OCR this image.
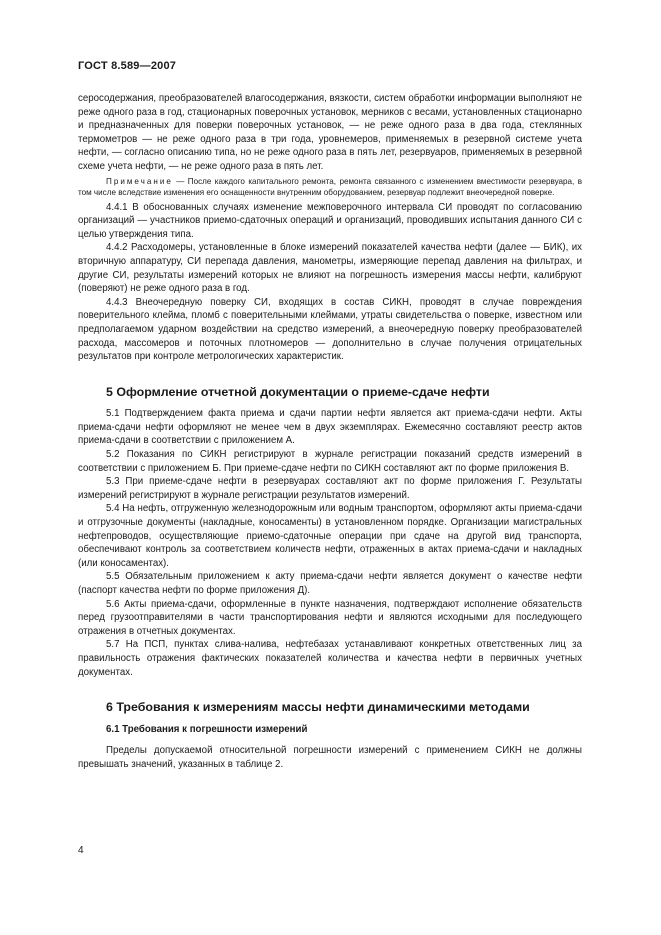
ГОСТ 8.589—2007

серосодержания, преобразователей влагосодержания, вязкости, систем обработки информации выполняют не реже одного раза в год, стационарных поверочных установок, мерников с весами, установленных стационарно и предназначенных для поверки поверочных установок, — не реже одного раза в два года, стеклянных термометров — не реже одного раза в три года, уровнемеров, применяемых в резервной системе учета нефти, — согласно описанию типа, но не реже одного раза в пять лет, резервуаров, применяемых в резервной схеме учета нефти, — не реже одного раза в пять лет.

Примечание — После каждого капитального ремонта, ремонта связанного с изменением вместимости резервуара, в том числе вследствие изменения его оснащенности внутренним оборудованием, резервуар подлежит внеочередной поверке.

4.4.1 В обоснованных случаях изменение межповерочного интервала СИ проводят по согласованию организаций — участников приемо-сдаточных операций и организаций, проводивших испытания данного СИ с целью утверждения типа.

4.4.2 Расходомеры, установленные в блоке измерений показателей качества нефти (далее — БИК), их вторичную аппаратуру, СИ перепада давления, манометры, измеряющие перепад давления на фильтрах, и другие СИ, результаты измерений которых не влияют на погрешность измерения массы нефти, калибруют (поверяют) не реже одного раза в год.

4.4.3 Внеочередную поверку СИ, входящих в состав СИКН, проводят в случае повреждения поверительного клейма, пломб с поверительными клеймами, утраты свидетельства о поверке, известном или предполагаемом ударном воздействии на средство измерений, а внеочередную поверку преобразователей расхода, массомеров и поточных плотномеров — дополнительно в случае получения отрицательных результатов при контроле метрологических характеристик.

5 Оформление отчетной документации о приеме-сдаче нефти

5.1 Подтверждением факта приема и сдачи партии нефти является акт приема-сдачи нефти. Акты приема-сдачи нефти оформляют не менее чем в двух экземплярах. Ежемесячно составляют реестр актов приема-сдачи в соответствии с приложением А.

5.2 Показания по СИКН регистрируют в журнале регистрации показаний средств измерений в соответствии с приложением Б. При приеме-сдаче нефти по СИКН составляют акт по форме приложения В.

5.3 При приеме-сдаче нефти в резервуарах составляют акт по форме приложения Г. Результаты измерений регистрируют в журнале регистрации результатов измерений.

5.4 На нефть, отгруженную железнодорожным или водным транспортом, оформляют акты приема-сдачи и отгрузочные документы (накладные, коносаменты) в установленном порядке. Организации магистральных нефтепроводов, осуществляющие приемо-сдаточные операции при сдаче на другой вид транспорта, обеспечивают контроль за соответствием количеств нефти, отраженных в актах приема-сдачи и накладных (или коносаментах).

5.5 Обязательным приложением к акту приема-сдачи нефти является документ о качестве нефти (паспорт качества нефти по форме приложения Д).

5.6 Акты приема-сдачи, оформленные в пункте назначения, подтверждают исполнение обязательств перед грузоотправителями в части транспортирования нефти и являются исходными для последующего отражения в отчетных документах.

5.7 На ПСП, пунктах слива-налива, нефтебазах устанавливают конкретных ответственных лиц за правильность отражения фактических показателей количества и качества нефти в первичных учетных документах.

6 Требования к измерениям массы нефти динамическими методами
6.1 Требования к погрешности измерений

Пределы допускаемой относительной погрешности измерений с применением СИКН не должны превышать значений, указанных в таблице 2.

4
